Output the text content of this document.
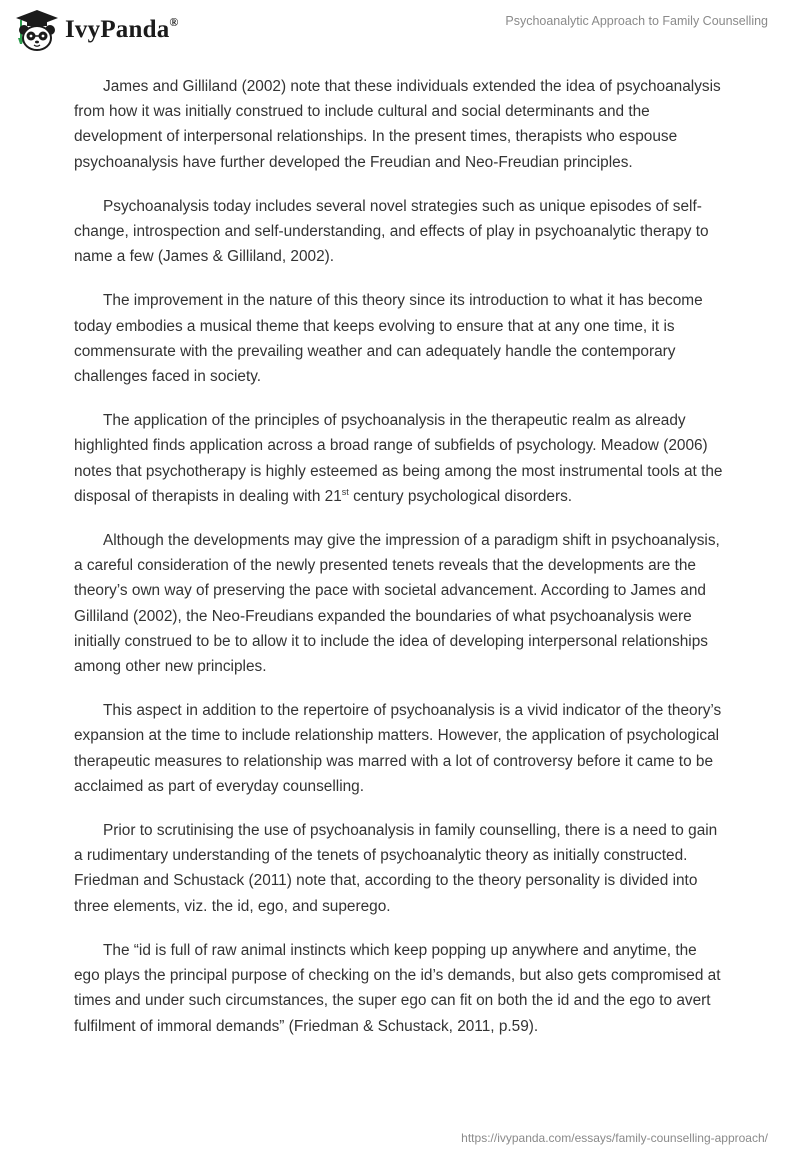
IvyPanda®	Psychoanalytic Approach to Family Counselling

James and Gilliland (2002) note that these individuals extended the idea of psychoanalysis from how it was initially construed to include cultural and social determinants and the development of interpersonal relationships. In the present times, therapists who espouse psychoanalysis have further developed the Freudian and Neo-Freudian principles.

Psychoanalysis today includes several novel strategies such as unique episodes of self-change, introspection and self-understanding, and effects of play in psychoanalytic therapy to name a few (James & Gilliland, 2002).

The improvement in the nature of this theory since its introduction to what it has become today embodies a musical theme that keeps evolving to ensure that at any one time, it is commensurate with the prevailing weather and can adequately handle the contemporary challenges faced in society.

The application of the principles of psychoanalysis in the therapeutic realm as already highlighted finds application across a broad range of subfields of psychology. Meadow (2006) notes that psychotherapy is highly esteemed as being among the most instrumental tools at the disposal of therapists in dealing with 21st century psychological disorders.

Although the developments may give the impression of a paradigm shift in psychoanalysis, a careful consideration of the newly presented tenets reveals that the developments are the theory’s own way of preserving the pace with societal advancement. According to James and Gilliland (2002), the Neo-Freudians expanded the boundaries of what psychoanalysis were initially construed to be to allow it to include the idea of developing interpersonal relationships among other new principles.

This aspect in addition to the repertoire of psychoanalysis is a vivid indicator of the theory’s expansion at the time to include relationship matters. However, the application of psychological therapeutic measures to relationship was marred with a lot of controversy before it came to be acclaimed as part of everyday counselling.

Prior to scrutinising the use of psychoanalysis in family counselling, there is a need to gain a rudimentary understanding of the tenets of psychoanalytic theory as initially constructed. Friedman and Schustack (2011) note that, according to the theory personality is divided into three elements, viz. the id, ego, and superego.

The “id is full of raw animal instincts which keep popping up anywhere and anytime, the ego plays the principal purpose of checking on the id’s demands, but also gets compromised at times and under such circumstances, the super ego can fit on both the id and the ego to avert fulfilment of immoral demands” (Friedman & Schustack, 2011, p.59).

https://ivypanda.com/essays/family-counselling-approach/
